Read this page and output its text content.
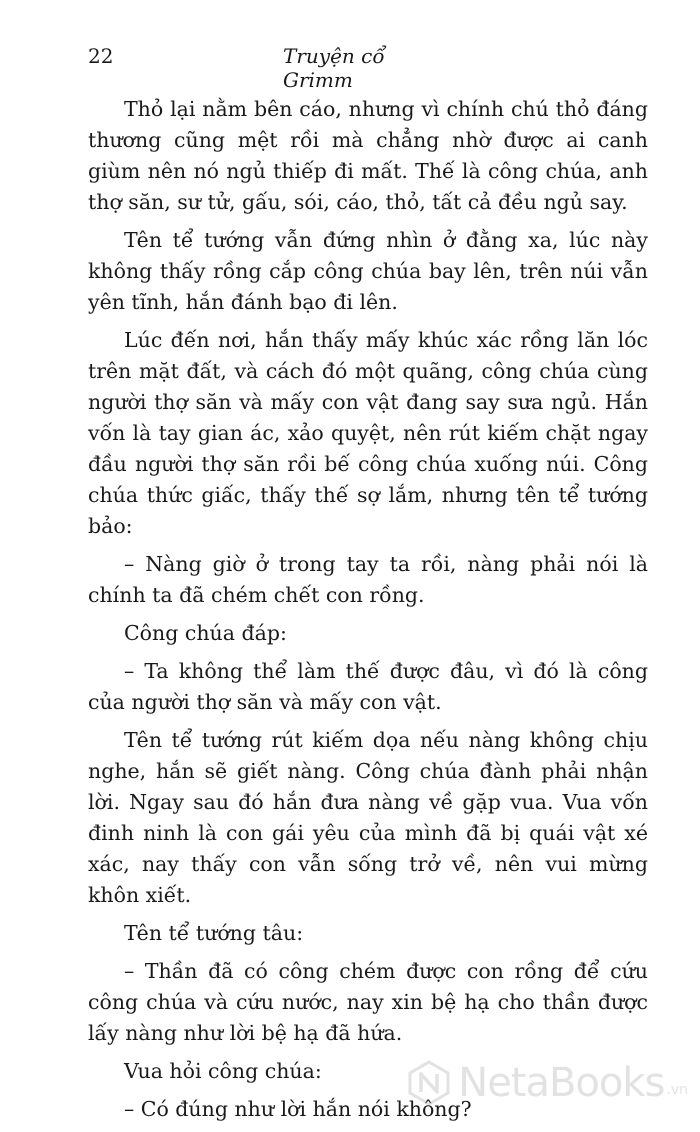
22	Truyện cổ Grimm

Thỏ lại nằm bên cáo, nhưng vì chính chú thỏ đáng thương cũng mệt rồi mà chẳng nhờ được ai canh giùm nên nó ngủ thiếp đi mất. Thế là công chúa, anh thợ săn, sư tử, gấu, sói, cáo, thỏ, tất cả đều ngủ say.

Tên tể tướng vẫn đứng nhìn ở đằng xa, lúc này không thấy rồng cắp công chúa bay lên, trên núi vẫn yên tĩnh, hắn đánh bạo đi lên.

Lúc đến nơi, hắn thấy mấy khúc xác rồng lăn lóc trên mặt đất, và cách đó một quãng, công chúa cùng người thợ săn và mấy con vật đang say sưa ngủ. Hắn vốn là tay gian ác, xảo quyệt, nên rút kiếm chặt ngay đầu người thợ săn rồi bế công chúa xuống núi. Công chúa thức giấc, thấy thế sợ lắm, nhưng tên tể tướng bảo:

– Nàng giờ ở trong tay ta rồi, nàng phải nói là chính ta đã chém chết con rồng.

Công chúa đáp:

– Ta không thể làm thế được đâu, vì đó là công của người thợ săn và mấy con vật.

Tên tể tướng rút kiếm dọa nếu nàng không chịu nghe, hắn sẽ giết nàng. Công chúa đành phải nhận lời. Ngay sau đó hắn đưa nàng về gặp vua. Vua vốn đinh ninh là con gái yêu của mình đã bị quái vật xé xác, nay thấy con vẫn sống trở về, nên vui mừng khôn xiết.

Tên tể tướng tâu:

– Thần đã có công chém được con rồng để cứu công chúa và cứu nước, nay xin bệ hạ cho thần được lấy nàng như lời bệ hạ đã hứa.

Vua hỏi công chúa:

– Có đúng như lời hắn nói không?

NetaBooks .vn
